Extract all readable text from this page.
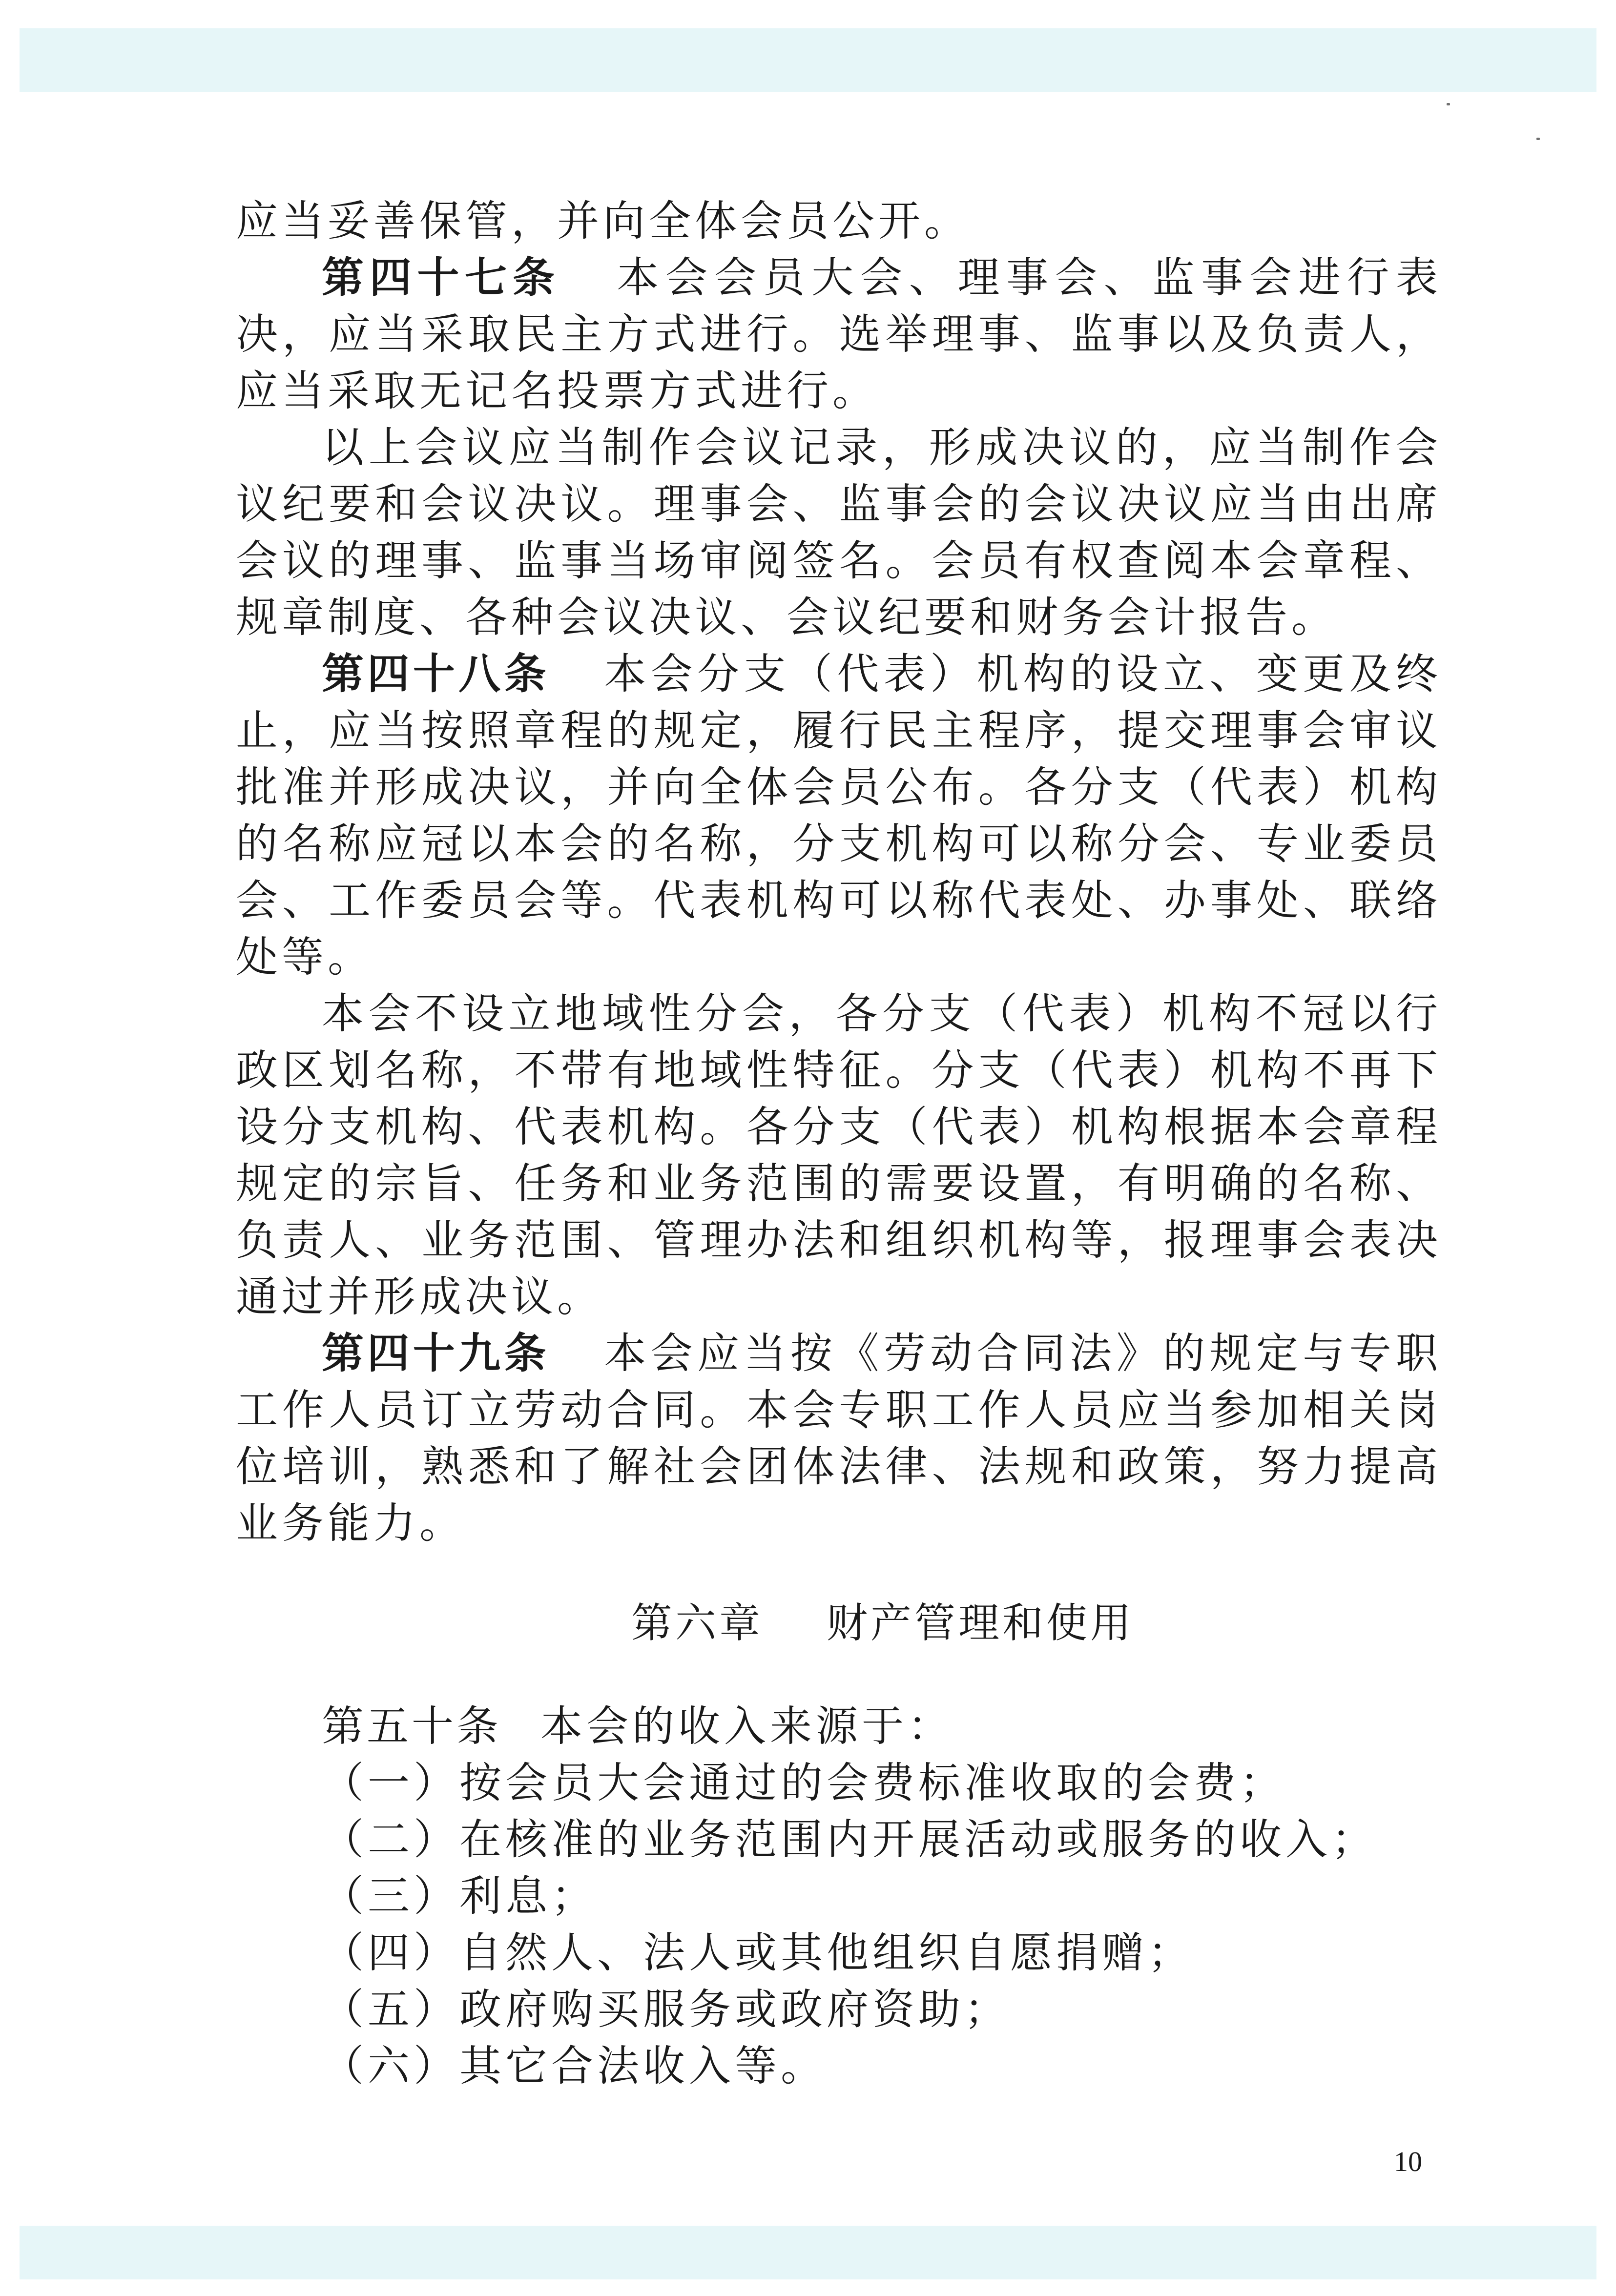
应当妥善保管，并向全体会员公开。

第四十七条 本会会员大会、理事会、监事会进行表决，应当采取民主方式进行。选举理事、监事以及负责人，应当采取无记名投票方式进行。

以上会议应当制作会议记录，形成决议的，应当制作会议纪要和会议决议。理事会、监事会的会议决议应当由出席会议的理事、监事当场审阅签名。会员有权查阅本会章程、规章制度、各种会议决议、会议纪要和财务会计报告。

第四十八条 本会分支（代表）机构的设立、变更及终止，应当按照章程的规定，履行民主程序，提交理事会审议批准并形成决议，并向全体会员公布。各分支（代表）机构的名称应冠以本会的名称，分支机构可以称分会、专业委员会、工作委员会等。代表机构可以称代表处、办事处、联络处等。

本会不设立地域性分会，各分支（代表）机构不冠以行政区划名称，不带有地域性特征。分支（代表）机构不再下设分支机构、代表机构。各分支（代表）机构根据本会章程规定的宗旨、任务和业务范围的需要设置，有明确的名称、负责人、业务范围、管理办法和组织机构等，报理事会表决通过并形成决议。

第四十九条 本会应当按《劳动合同法》的规定与专职工作人员订立劳动合同。本会专职工作人员应当参加相关岗位培训，熟悉和了解社会团体法律、法规和政策，努力提高业务能力。

第六章 财产管理和使用

第五十条 本会的收入来源于：

（一）按会员大会通过的会费标准收取的会费；
（二）在核准的业务范围内开展活动或服务的收入；
（三）利息；
（四）自然人、法人或其他组织自愿捐赠；
（五）政府购买服务或政府资助；
（六）其它合法收入等。
10
